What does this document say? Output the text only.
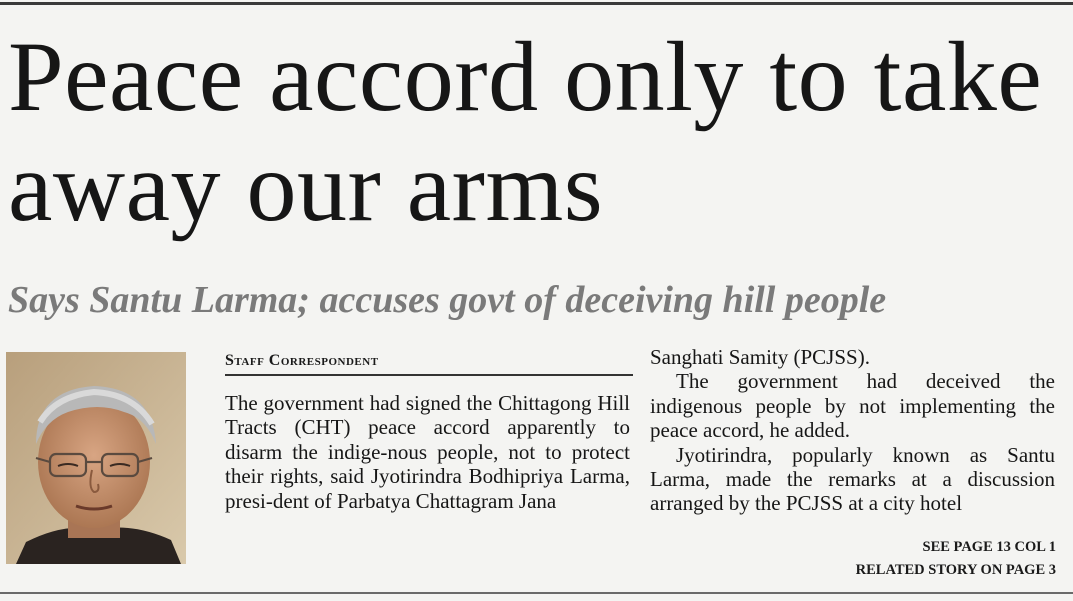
Peace accord only to take away our arms
Says Santu Larma; accuses govt of deceiving hill people
Staff Correspondent

The government had signed the Chittagong Hill Tracts (CHT) peace accord apparently to disarm the indige-nous people, not to protect their rights, said Jyotirindra Bodhipriya Larma, presi-dent of Parbatya Chattagram Jana

Sanghati Samity (PCJSS).

The government had deceived the indigenous people by not implementing the peace accord, he added.

Jyotirindra, popularly known as Santu Larma, made the remarks at a discussion arranged by the PCJSS at a city hotel

SEE PAGE 13 COL 1
RELATED STORY ON PAGE 3
